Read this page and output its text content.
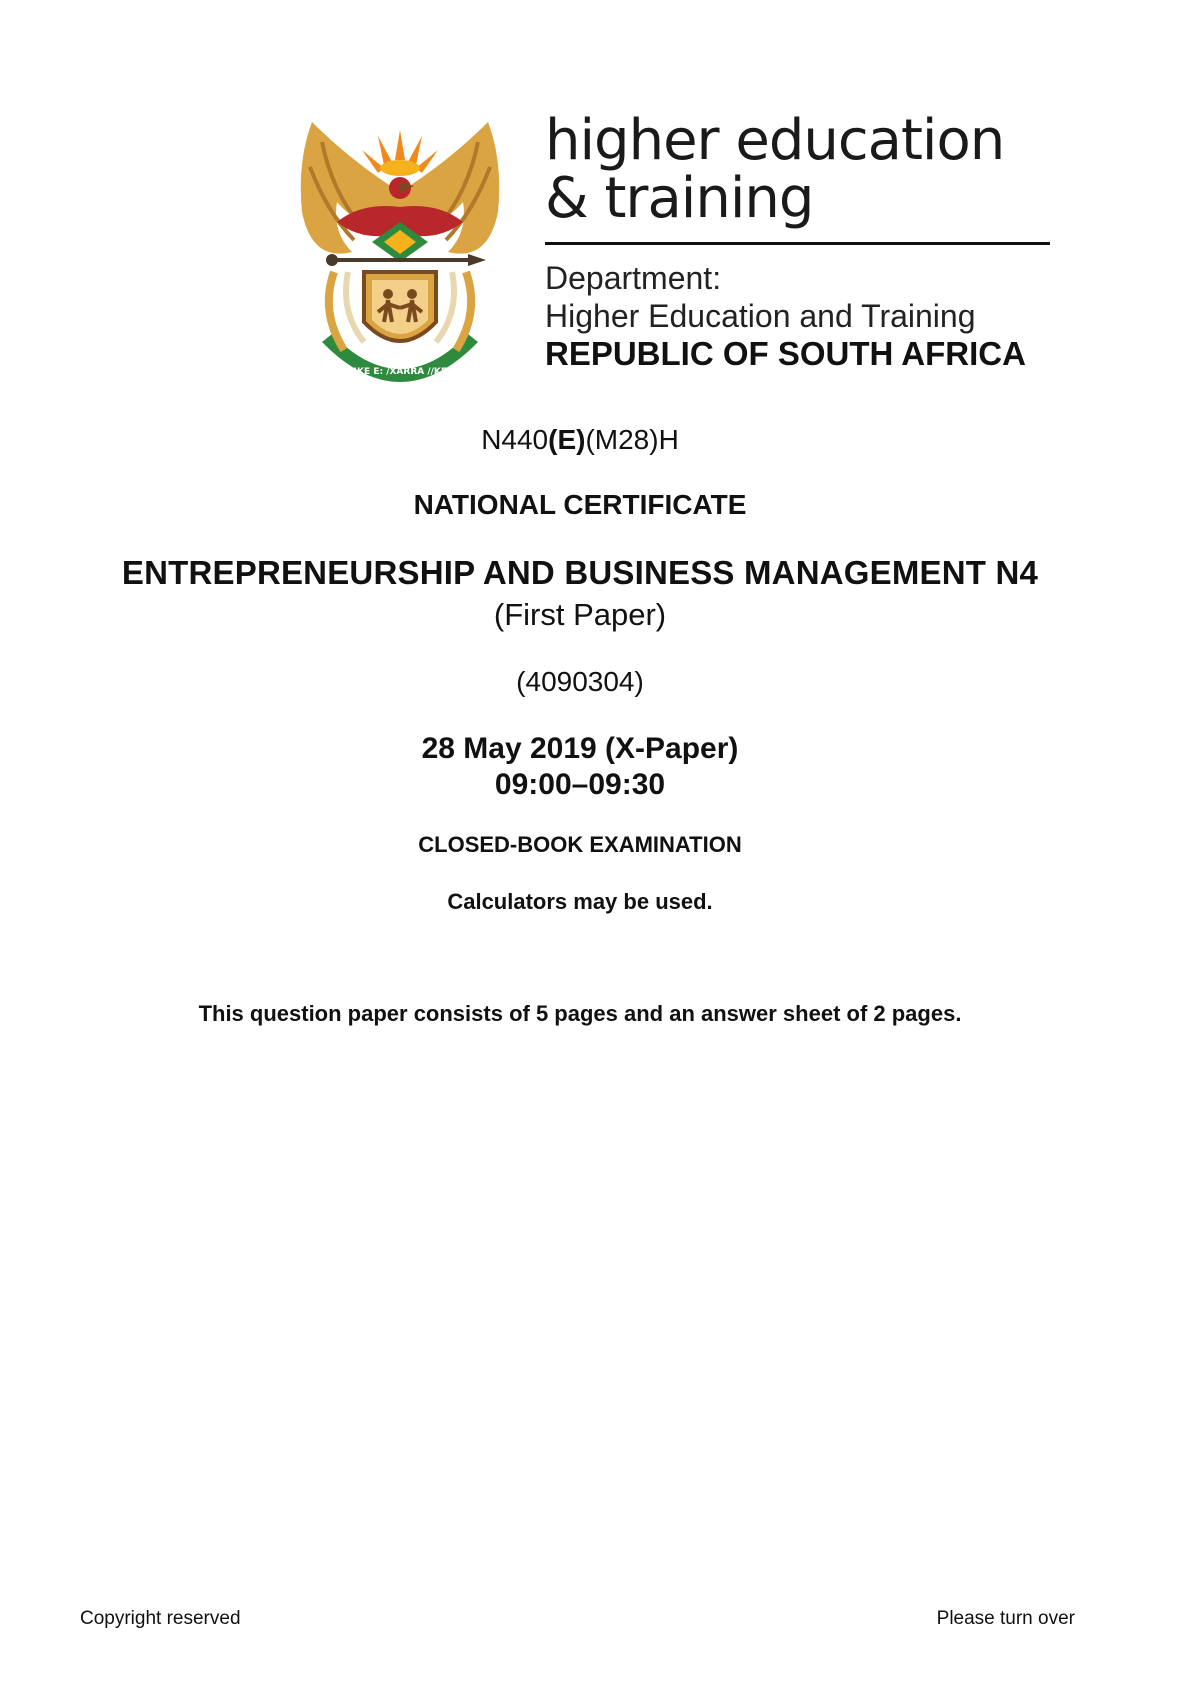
!KE E: /XARRA //KE
higher education
& training
Department:
Higher Education and Training
REPUBLIC OF SOUTH AFRICA
N440(E)(M28)H
NATIONAL CERTIFICATE
ENTREPRENEURSHIP AND BUSINESS MANAGEMENT N4
(First Paper)
(4090304)
28 May 2019 (X-Paper)
09:00–09:30
CLOSED-BOOK EXAMINATION
Calculators may be used.
This question paper consists of 5 pages and an answer sheet of 2 pages.
Copyright reserved	Please turn over
